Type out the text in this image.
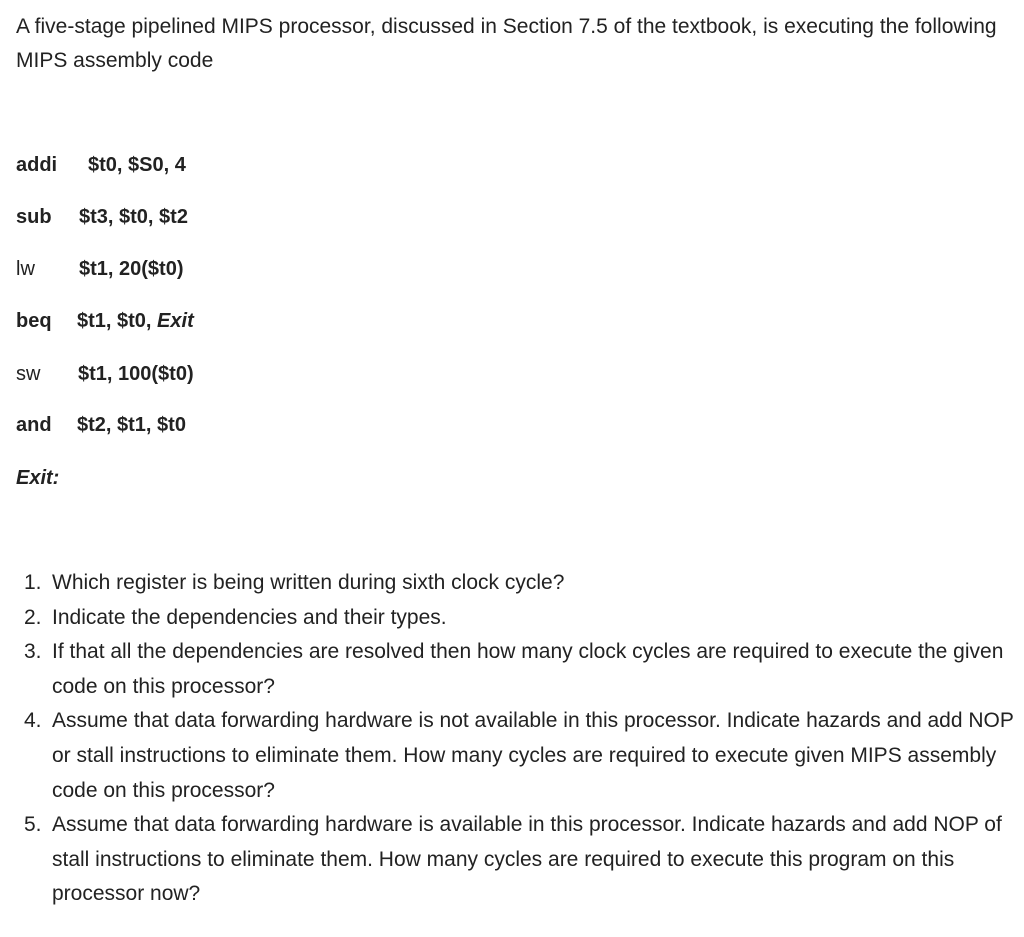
A five-stage pipelined MIPS processor, discussed in Section 7.5 of the textbook, is executing the following MIPS assembly code

addi $t0, $S0, 4
sub $t3, $t0, $t2
lw $t1, 20($t0)
beq $t1, $t0, Exit
sw $t1, 100($t0)
and $t2, $t1, $t0
Exit:
1. Which register is being written during sixth clock cycle?
2. Indicate the dependencies and their types.
3. If that all the dependencies are resolved then how many clock cycles are required to execute the given code on this processor?
4. Assume that data forwarding hardware is not available in this processor. Indicate hazards and add NOP or stall instructions to eliminate them. How many cycles are required to execute given MIPS assembly code on this processor?
5. Assume that data forwarding hardware is available in this processor. Indicate hazards and add NOP of stall instructions to eliminate them. How many cycles are required to execute this program on this processor now?
